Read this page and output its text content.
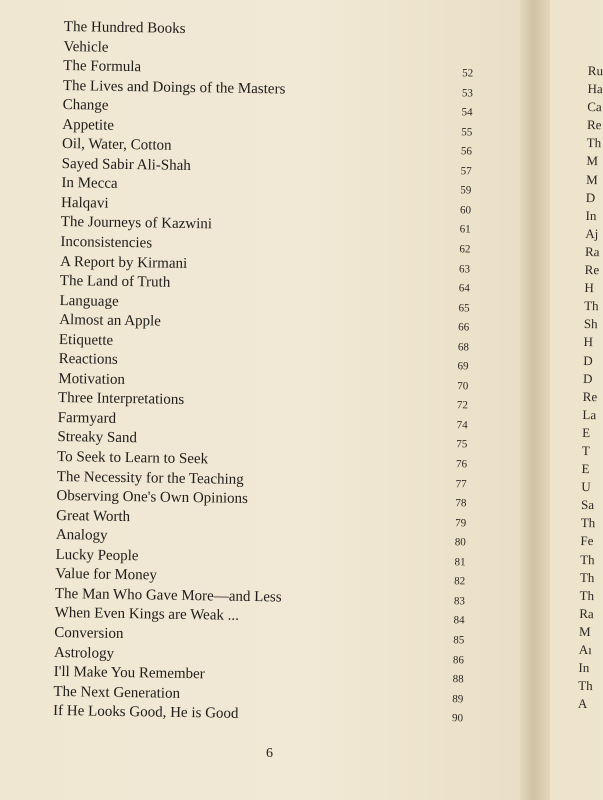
The Hundred Books
Vehicle
The Formula	52
The Lives and Doings of the Masters	53
Change	54
Appetite	55
Oil, Water, Cotton	56
Sayed Sabir Ali-Shah	57
In Mecca	59
Halqavi	60
The Journeys of Kazwini	61
Inconsistencies	62
A Report by Kirmani	63
The Land of Truth	64
Language	65
Almost an Apple	66
Etiquette	68
Reactions	69
Motivation	70
Three Interpretations	72
Farmyard	74
Streaky Sand	75
To Seek to Learn to Seek	76
The Necessity for the Teaching	77
Observing One's Own Opinions	78
Great Worth	79
Analogy	80
Lucky People	81
Value for Money	82
The Man Who Gave More—and Less	83
When Even Kings are Weak ...	84
Conversion	85
Astrology	86
I'll Make You Remember	88
The Next Generation	89
If He Looks Good, He is Good	90
6
Ru
Ha
Ca
Re
Th
M
M
D
In
Aj
Ra
Re
H
Th
Sh
H
D
D
Re
La
E
T
E
U
Sa
Th
Fe
Th
Th
Th
Ra
M
Aı
In
Th
A
